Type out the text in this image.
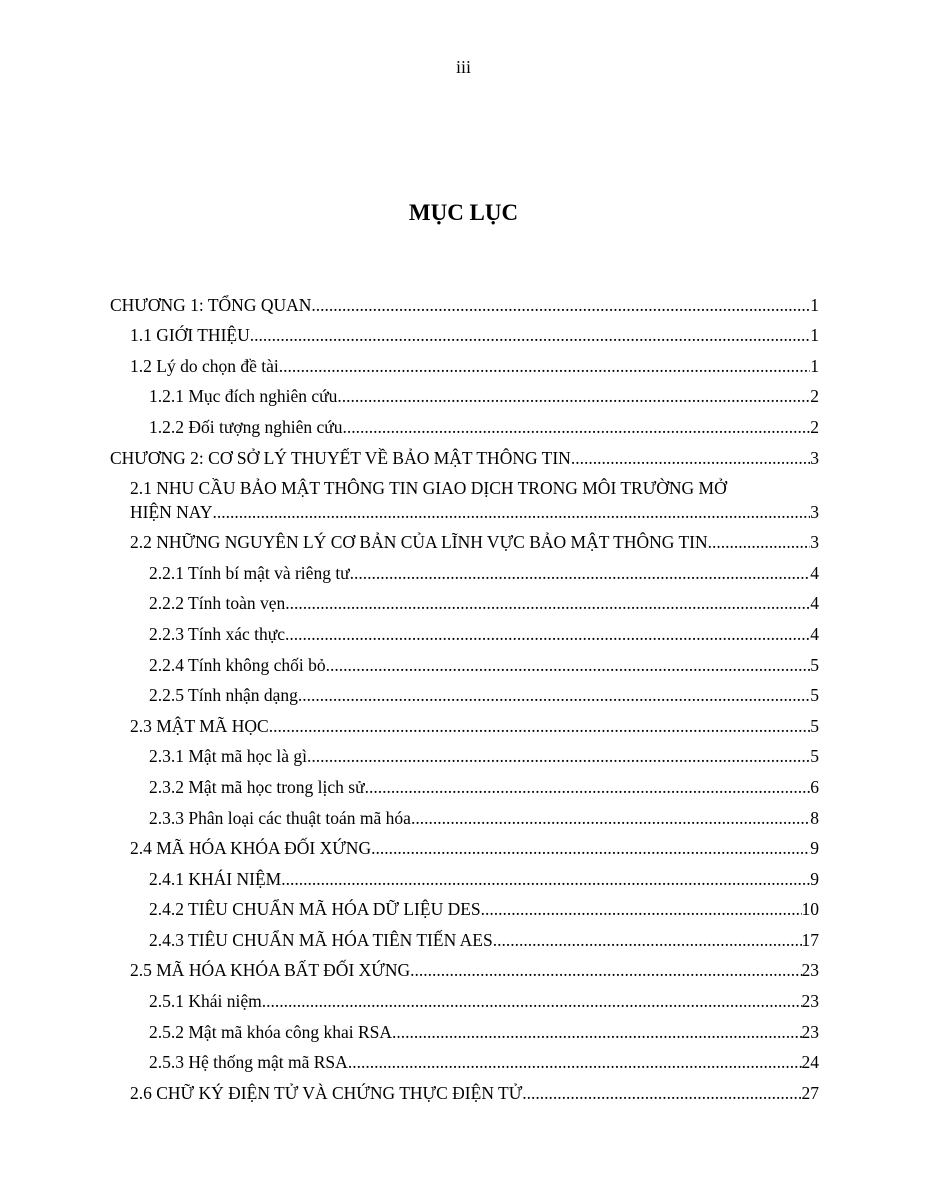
iii
MỤC LỤC
CHƯƠNG 1: TỔNG QUAN .....	1
1.1 GIỚI THIỆU .....	1
1.2 Lý do chọn đề tài .....	1
1.2.1 Mục đích nghiên cứu .....	2
1.2.2 Đối tượng nghiên cứu .....	2
CHƯƠNG 2: CƠ SỞ LÝ THUYẾT VỀ BẢO MẬT THÔNG TIN .....	3
2.1 NHU CẦU BẢO MẬT THÔNG TIN GIAO DỊCH TRONG MÔI TRƯỜNG MỞ
HIỆN NAY .....	3
2.2 NHỮNG NGUYÊN LÝ CƠ BẢN CỦA LĨNH VỰC BẢO MẬT THÔNG TIN .....	3
2.2.1 Tính bí mật và riêng tư .....	4
2.2.2 Tính toàn vẹn .....	4
2.2.3 Tính xác thực .....	4
2.2.4 Tính không chối bỏ .....	5
2.2.5 Tính nhận dạng .....	5
2.3 MẬT MÃ HỌC .....	5
2.3.1 Mật mã học là gì .....	5
2.3.2 Mật mã học trong lịch sử .....	6
2.3.3 Phân loại các thuật toán mã hóa .....	8
2.4 MÃ HÓA KHÓA ĐỐI XỨNG .....	9
2.4.1 KHÁI NIỆM .....	9
2.4.2 TIÊU CHUẨN MÃ HÓA DỮ LIỆU DES .....	10
2.4.3 TIÊU CHUẨN MÃ HÓA TIÊN TIẾN AES .....	17
2.5 MÃ HÓA KHÓA BẤT ĐỐI XỨNG .....	23
2.5.1 Khái niệm .....	23
2.5.2 Mật mã khóa công khai RSA .....	23
2.5.3 Hệ thống mật mã RSA .....	24
2.6 CHỮ KÝ ĐIỆN TỬ VÀ CHỨNG THỰC ĐIỆN TỬ .....	27
